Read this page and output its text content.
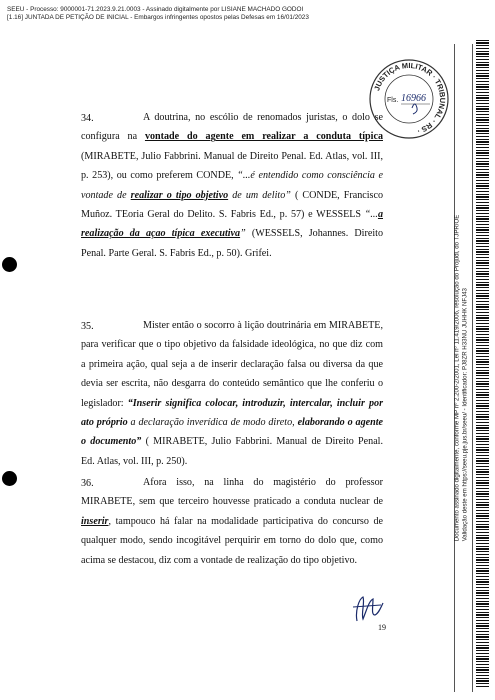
SEEU - Processo: 9000001-71.2023.9.21.0003 - Assinado digitalmente por LISIANE MACHADO GODOI
[1.16] JUNTADA DE PETIÇÃO DE INICIAL - Embargos infringentes opostos pelas Defesas em 16/01/2023
Documento assinado digitalmente, conforme MP nº 2.200-2/2001, Lei nº 11.419/2006, resolução do Projudi, do TJPR/OE Validação deste em https://seeu.pje.jus.br/seeu/ - Identificador: PJ8ZR H33NU JUHHK NFJ43
JUSTIÇA MILITAR · TRIBUNAL · RS ·
Fls. 16966
34.	A doutrina, no escólio de renomados juristas, o dolo se configura na vontade do agente em realizar a conduta típica (MIRABETE, Julio Fabbrini. Manual de Direito Penal. Ed. Atlas, vol. III, p. 253), ou como preferem CONDE, “...é entendido como consciência e vontade de realizar o tipo objetivo de um delito” ( CONDE, Francisco Muñoz. TEoria Geral do Delito. S. Fabris Ed., p. 57) e WESSELS “...a realização da açao típica executiva” (WESSELS, Johannes. Direito Penal. Parte Geral. S. Fabris Ed., p. 50). Grifei.
35.	Mister então o socorro à lição doutrinária em MIRABETE, para verificar que o tipo objetivo da falsidade ideológica, no que diz com a primeira ação, qual seja a de inserir declaração falsa ou diversa da que devia ser escrita, não desgarra do conteúdo semântico que lhe conferiu o legislador: “Inserir significa colocar, introduzir, intercalar, incluir por ato próprio a declaração inverídica de modo direto, elaborando o agente o documento” ( MIRABETE, Julio Fabbrini. Manual de Direito Penal. Ed. Atlas, vol. III, p. 250).
36.	Afora isso, na linha do magistério do professor MIRABETE, sem que terceiro houvesse praticado a conduta nuclear de inserir, tampouco há falar na modalidade participativa do concurso de qualquer modo, sendo incogitável perquirir em torno do dolo que, como acima se destacou, diz com a vontade de realização do tipo objetivo.
19
